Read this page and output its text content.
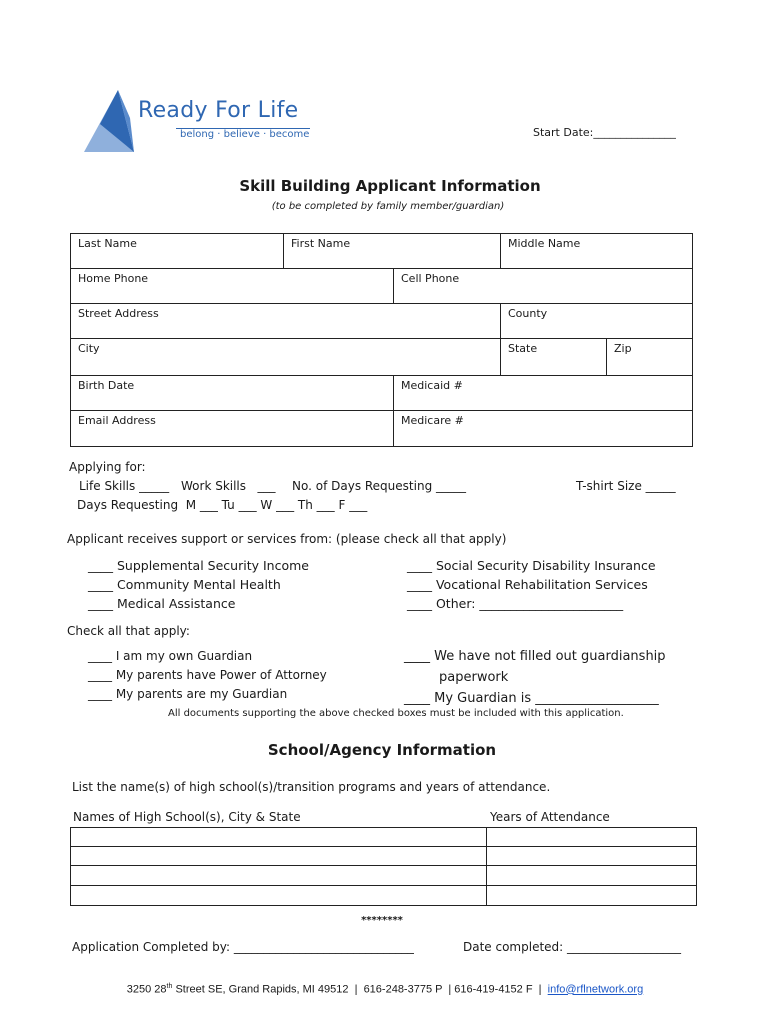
Ready For Life
belong · believe · become	Start Date:_______________
Skill Building Applicant Information
(to be completed by family member/guardian)
Last Name	First Name	Middle Name
Home Phone	Cell Phone
Street Address	County
City	State	Zip
Birth Date	Medicaid #
Email Address	Medicare #
Applying for:
Life Skills _____ Work Skills   ___ No. of Days Requesting _____	T-shirt Size _____
Days Requesting  M ___ Tu ___ W ___ Th ___ F ___
Applicant receives support or services from: (please check all that apply)
____ Supplemental Security Income
____ Community Mental Health
____ Medical Assistance
____ Social Security Disability Insurance
____ Vocational Rehabilitation Services
____ Other: _______________________
Check all that apply:
____ I am my own Guardian
____ My parents have Power of Attorney
____ My parents are my Guardian
____ We have not filled out guardianship
paperwork
____ My Guardian is ___________________
All documents supporting the above checked boxes must be included with this application.
School/Agency Information
List the name(s) of high school(s)/transition programs and years of attendance.
Names of High School(s), City & State	Years of Attendance
********
Application Completed by: ______________________________	Date completed: ___________________
3250 28th Street SE, Grand Rapids, MI 49512  |  616-248-3775 P  | 616-419-4152 F  |  info@rflnetwork.org
